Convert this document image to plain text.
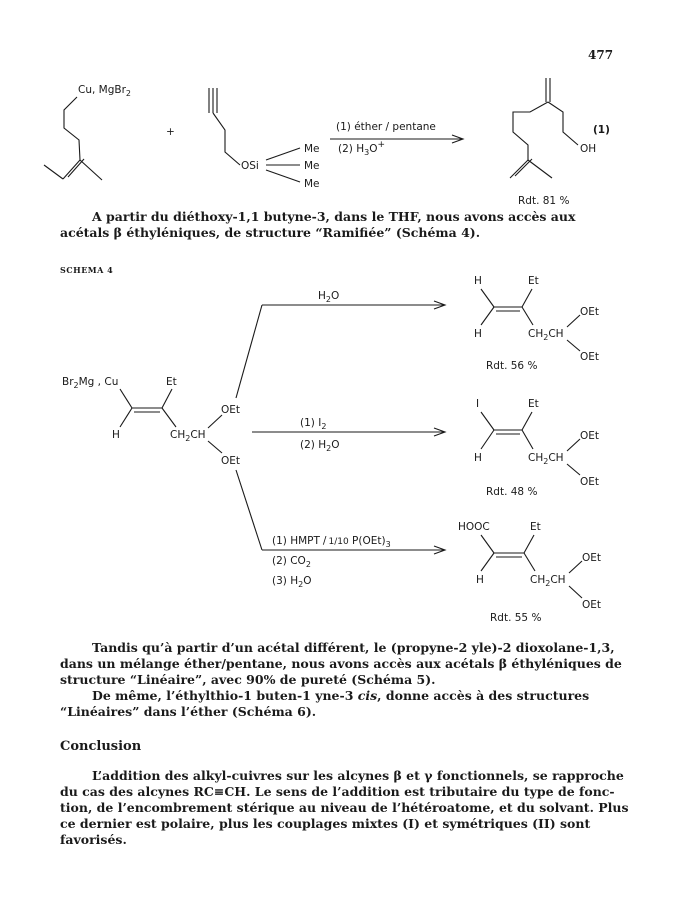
477
Cu, MgBr$_2$
+
OSi
Me
Me
Me
(1) éther / pentane
(2) $H_3O+$	OH
(1)
Rdt. 81 %
A partir du diéthoxy-1,1 butyne-3, dans le THF, nous avons accès aux
acétals β éthyléniques, de structure “Ramifiée” (Schéma 4).
SCHEMA 4
$Br_2Mg$ , Cu	Et
H	$CH_2CH$
OEt
OEt
$H_2O$
(1) $I_2$
(2) $H_2O$
(1) HMPT / 1/10 $P(OEt)_3$
(2) $CO_2$
(3) $H_2O$
H	Et
H	$CH_2CH$
OEt
OEt
Rdt. 56 %
I	Et
H	$CH_2CH$
OEt
OEt
Rdt. 48 %
HOOC	Et
H	$CH_2CH$
OEt
OEt
Rdt. 55 %
Tandis qu’à partir d’un acétal différent, le (propyne-2 yle)-2 dioxolane-1,3,
dans un mélange éther/pentane, nous avons accès aux acétals β éthyléniques de
structure “Linéaire”, avec 90% de pureté (Schéma 5).
De même, l’éthylthio-1 buten-1 yne-3 cis, donne accès à des structures
“Linéaires” dans l’éther (Schéma 6).
Conclusion
L’addition des alkyl-cuivres sur les alcynes β et γ fonctionnels, se rapproche
du cas des alcynes RC≡CH. Le sens de l’addition est tributaire du type de fonc-
tion, de l’encombrement stérique au niveau de l’hétéroatome, et du solvant. Plus
ce dernier est polaire, plus les couplages mixtes (I) et symétriques (II) sont
favorisés.
